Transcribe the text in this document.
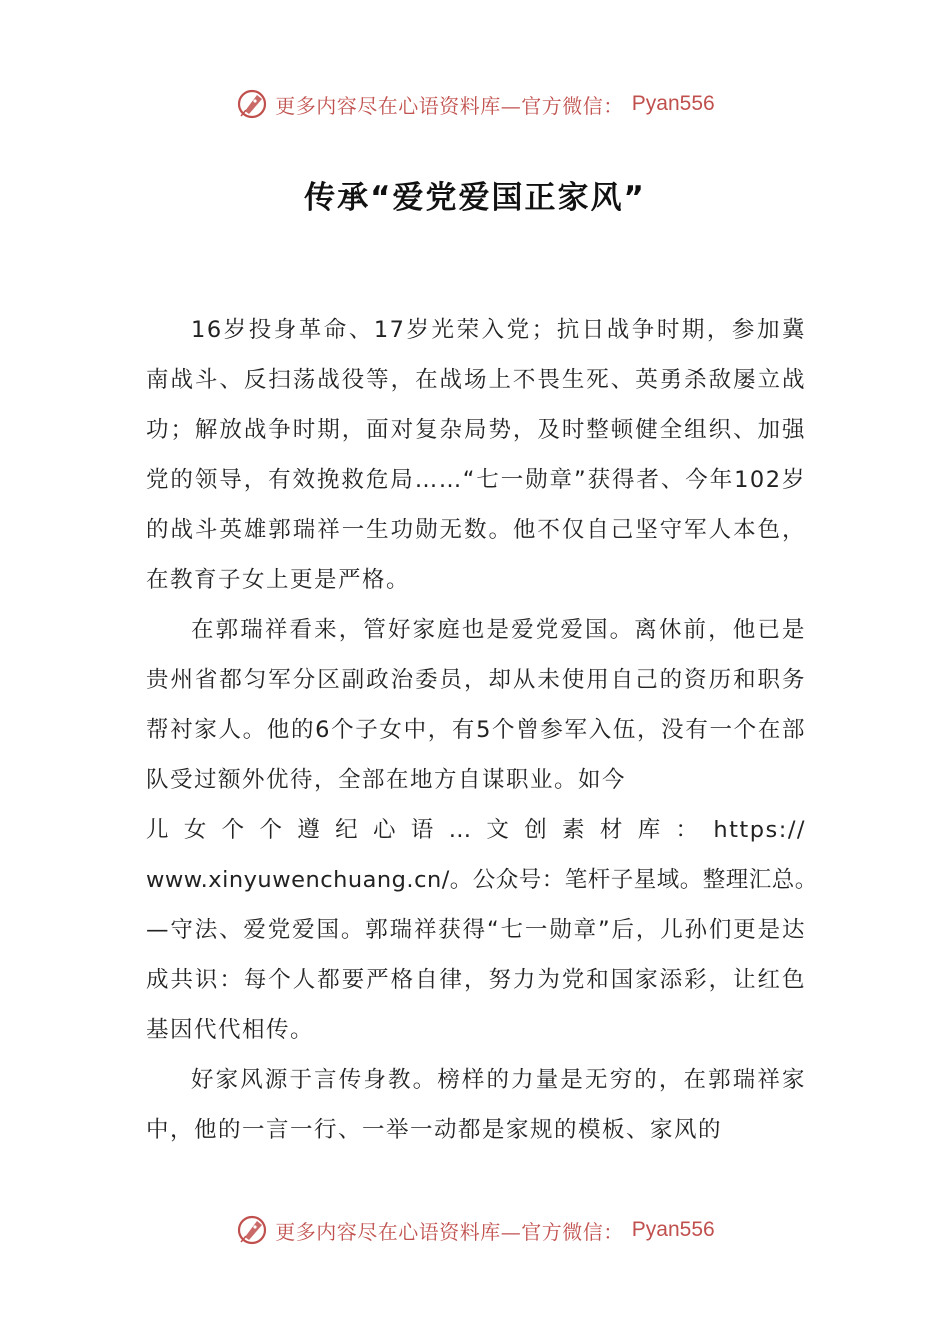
更多内容尽在心语资料库—官方微信： Pyan556
传承“爱党爱国正家风”

16岁投身革命、17岁光荣入党；抗日战争时期，参加冀南战斗、反扫荡战役等，在战场上不畏生死、英勇杀敌屡立战功；解放战争时期，面对复杂局势，及时整顿健全组织、加强党的领导，有效挽救危局……“七一勋章”获得者、今年102岁的战斗英雄郭瑞祥一生功勋无数。他不仅自己坚守军人本色，在教育子女上更是严格。

在郭瑞祥看来，管好家庭也是爱党爱国。离休前，他已是贵州省都匀军分区副政治委员，却从未使用自己的资历和职务帮衬家人。他的6个子女中，有5个曾参军入伍，没有一个在部队受过额外优待，全部在地方自谋职业。如今
儿女个个遵纪心语…文创素材库：https://
www.xinyuwenchuang.cn/。公众号：笔杆子星域。整理汇总。
—守法、爱党爱国。郭瑞祥获得“七一勋章”后，儿孙们更是达成共识：每个人都要严格自律，努力为党和国家添彩，让红色基因代代相传。

好家风源于言传身教。榜样的力量是无穷的，在郭瑞祥家中，他的一言一行、一举一动都是家规的模板、家风的

更多内容尽在心语资料库—官方微信： Pyan556
